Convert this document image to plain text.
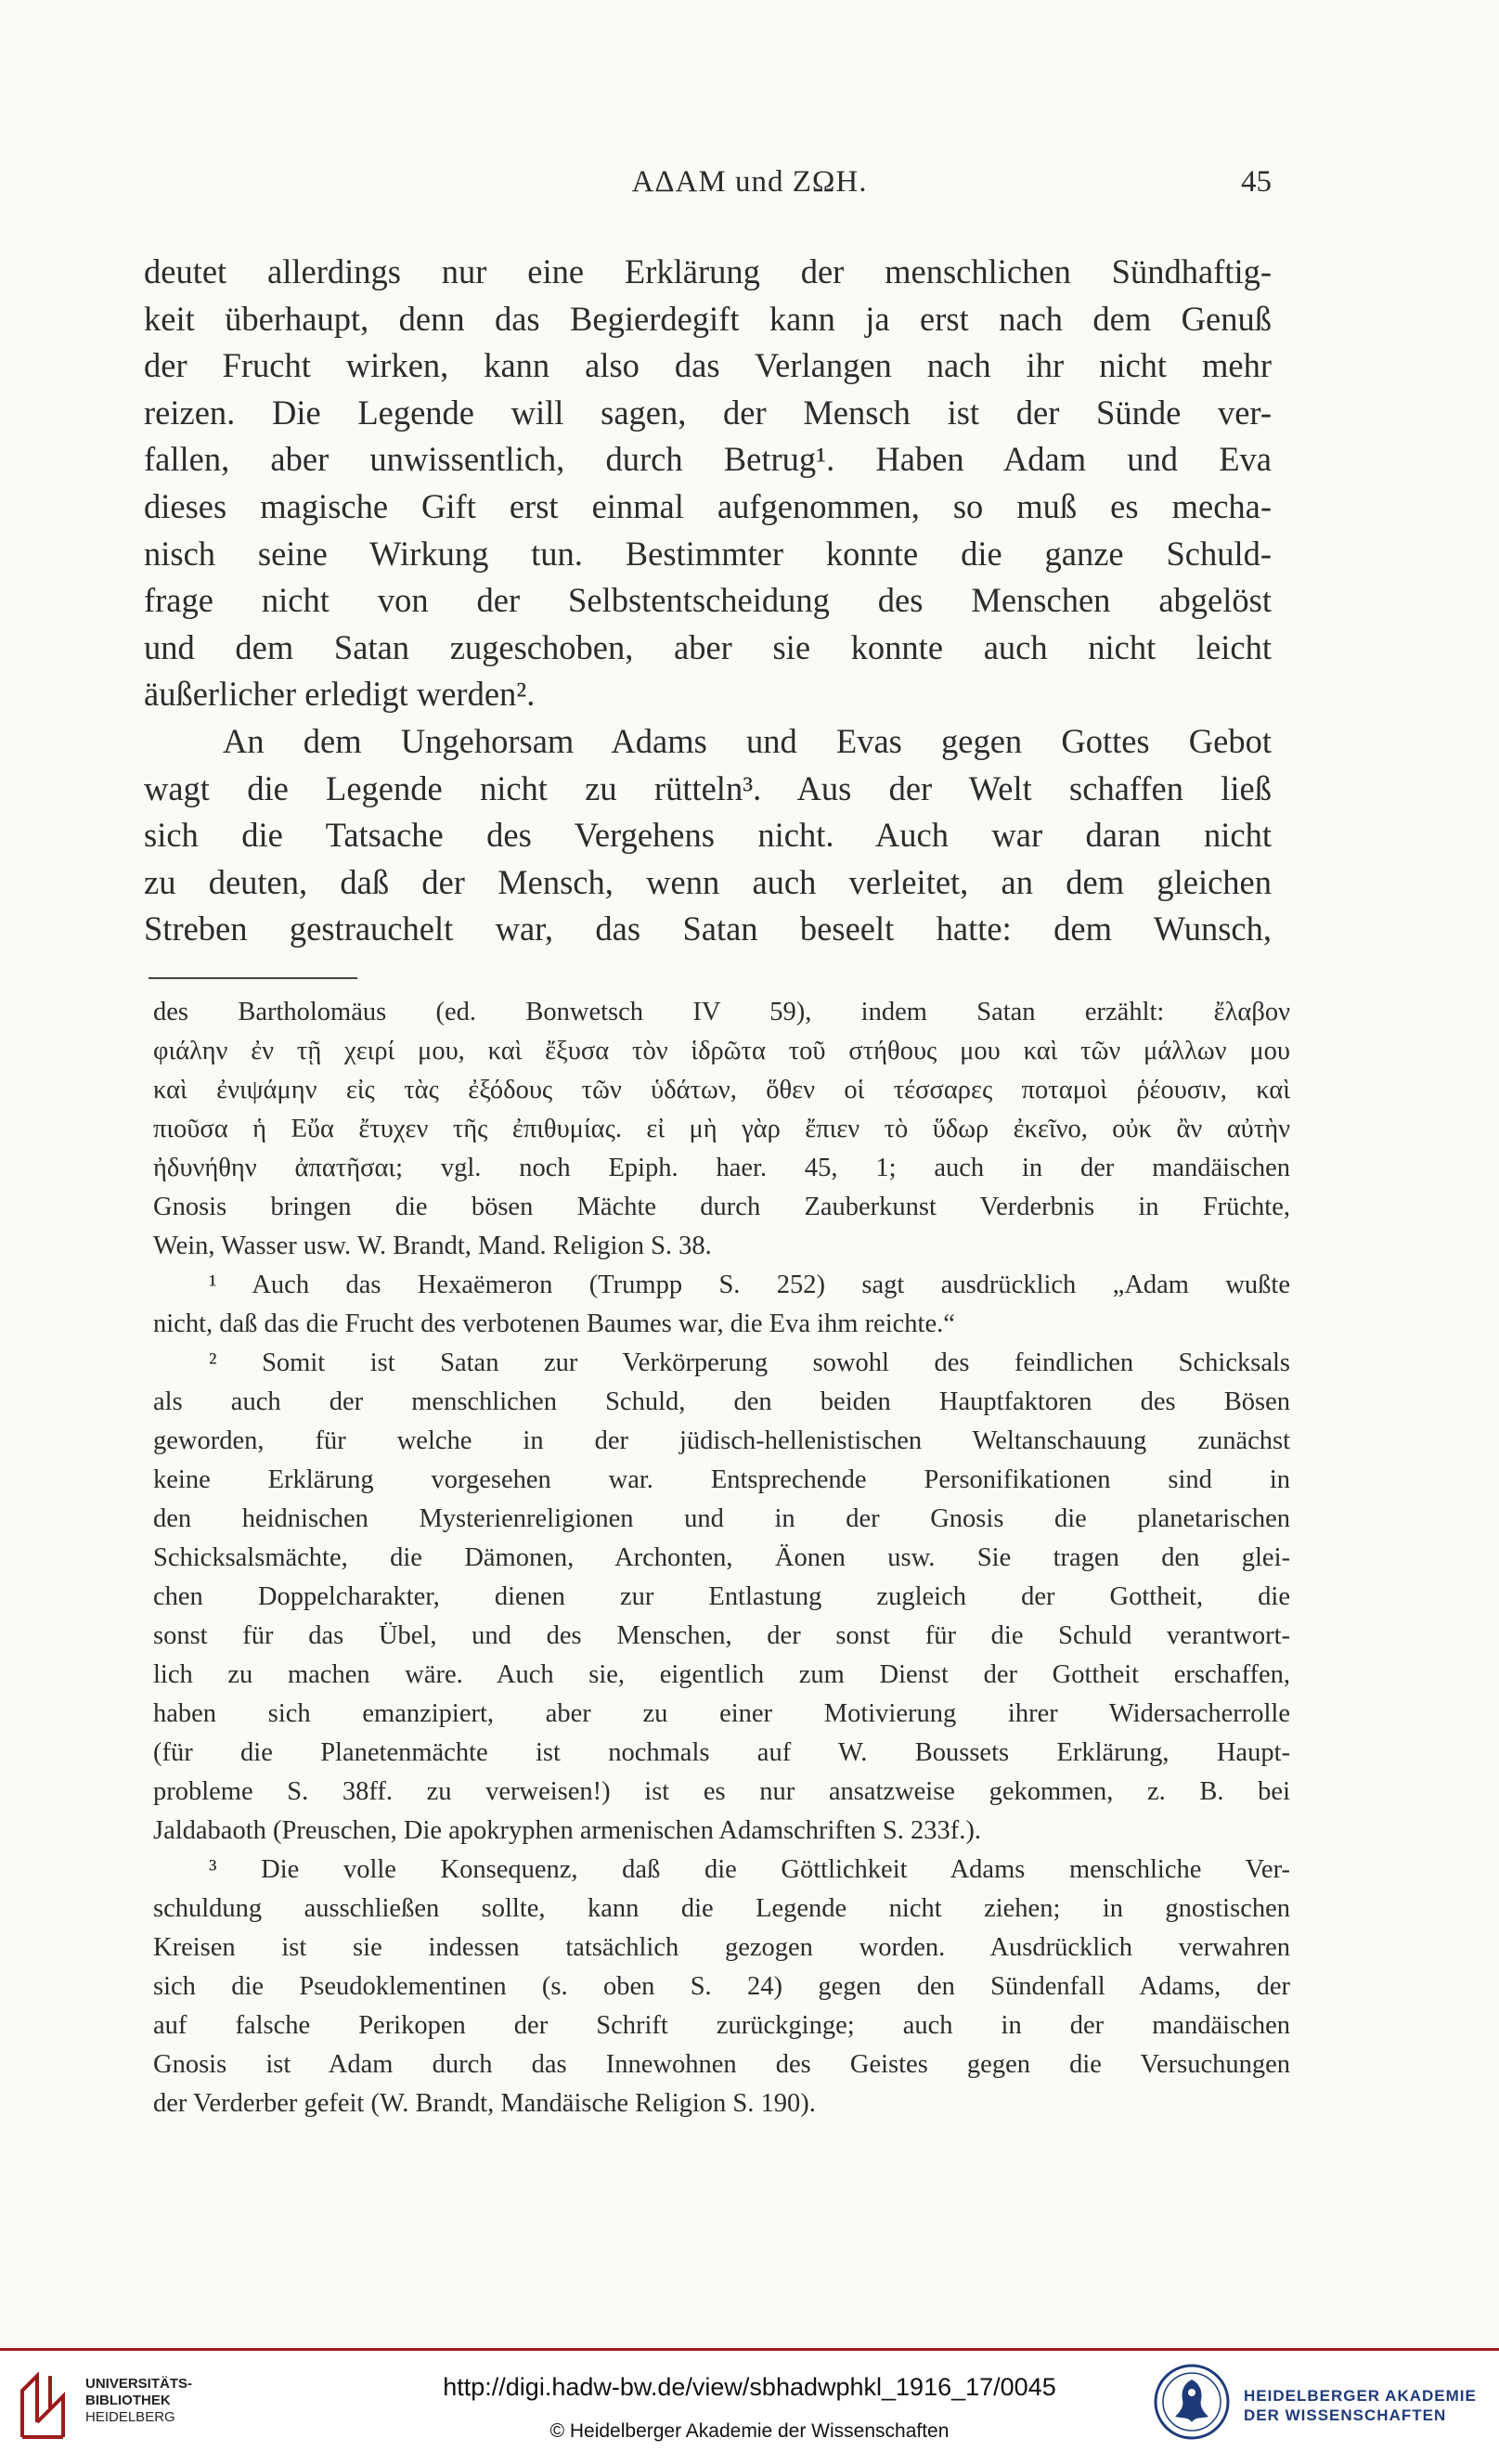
ΑΔΑΜ und ΖΩΗ.	45
deutet allerdings nur eine Erklärung der menschlichen Sündhaftig-
keit überhaupt, denn das Begierdegift kann ja erst nach dem Genuß
der Frucht wirken, kann also das Verlangen nach ihr nicht mehr
reizen. Die Legende will sagen, der Mensch ist der Sünde ver-
fallen, aber unwissentlich, durch Betrug¹. Haben Adam und Eva
dieses magische Gift erst einmal aufgenommen, so muß es mecha-
nisch seine Wirkung tun. Bestimmter konnte die ganze Schuld-
frage nicht von der Selbstentscheidung des Menschen abgelöst
und dem Satan zugeschoben, aber sie konnte auch nicht leicht
äußerlicher erledigt werden².
An dem Ungehorsam Adams und Evas gegen Gottes Gebot
wagt die Legende nicht zu rütteln³. Aus der Welt schaffen ließ
sich die Tatsache des Vergehens nicht. Auch war daran nicht
zu deuten, daß der Mensch, wenn auch verleitet, an dem gleichen
Streben gestrauchelt war, das Satan beseelt hatte: dem Wunsch,
des Bartholomäus (ed. Bonwetsch IV 59), indem Satan erzählt: ἔλαβον
φιάλην ἐν τῇ χειρί μου, καὶ ἔξυσα τὸν ἱδρῶτα τοῦ στήθους μου καὶ τῶν μάλλων μου
καὶ ἐνιψάμην εἰς τὰς ἐξόδους τῶν ὑδάτων, ὅθεν οἱ τέσσαρες ποταμοὶ ῥέουσιν, καὶ
πιοῦσα ἡ Εὔα ἔτυχεν τῆς ἐπιθυμίας. εἰ μὴ γὰρ ἔπιεν τὸ ὕδωρ ἐκεῖνο, οὐκ ἂν αὐτὴν
ἠδυνήθην ἀπατῆσαι; vgl. noch Epiph. haer. 45, 1; auch in der mandäischen
Gnosis bringen die bösen Mächte durch Zauberkunst Verderbnis in Früchte,
Wein, Wasser usw. W. Brandt, Mand. Religion S. 38.
¹ Auch das Hexaëmeron (Trumpp S. 252) sagt ausdrücklich „Adam wußte
nicht, daß das die Frucht des verbotenen Baumes war, die Eva ihm reichte.“
² Somit ist Satan zur Verkörperung sowohl des feindlichen Schicksals
als auch der menschlichen Schuld, den beiden Hauptfaktoren des Bösen
geworden, für welche in der jüdisch-hellenistischen Weltanschauung zunächst
keine Erklärung vorgesehen war. Entsprechende Personifikationen sind in
den heidnischen Mysterienreligionen und in der Gnosis die planetarischen
Schicksalsmächte, die Dämonen, Archonten, Äonen usw. Sie tragen den glei-
chen Doppelcharakter, dienen zur Entlastung zugleich der Gottheit, die
sonst für das Übel, und des Menschen, der sonst für die Schuld verantwort-
lich zu machen wäre. Auch sie, eigentlich zum Dienst der Gottheit erschaffen,
haben sich emanzipiert, aber zu einer Motivierung ihrer Widersacherrolle
(für die Planetenmächte ist nochmals auf W. Boussets Erklärung, Haupt-
probleme S. 38ff. zu verweisen!) ist es nur ansatzweise gekommen, z. B. bei
Jaldabaoth (Preuschen, Die apokryphen armenischen Adamschriften S. 233f.).
³ Die volle Konsequenz, daß die Göttlichkeit Adams menschliche Ver-
schuldung ausschließen sollte, kann die Legende nicht ziehen; in gnostischen
Kreisen ist sie indessen tatsächlich gezogen worden. Ausdrücklich verwahren
sich die Pseudoklementinen (s. oben S. 24) gegen den Sündenfall Adams, der
auf falsche Perikopen der Schrift zurückginge; auch in der mandäischen
Gnosis ist Adam durch das Innewohnen des Geistes gegen die Versuchungen
der Verderber gefeit (W. Brandt, Mandäische Religion S. 190).
UNIVERSITÄTS-
BIBLIOTHEK
HEIDELBERG
http://digi.hadw-bw.de/view/sbhadwphkl_1916_17/0045
© Heidelberger Akademie der Wissenschaften
HEIDELBERGER AKADEMIE
DER WISSENSCHAFTEN
